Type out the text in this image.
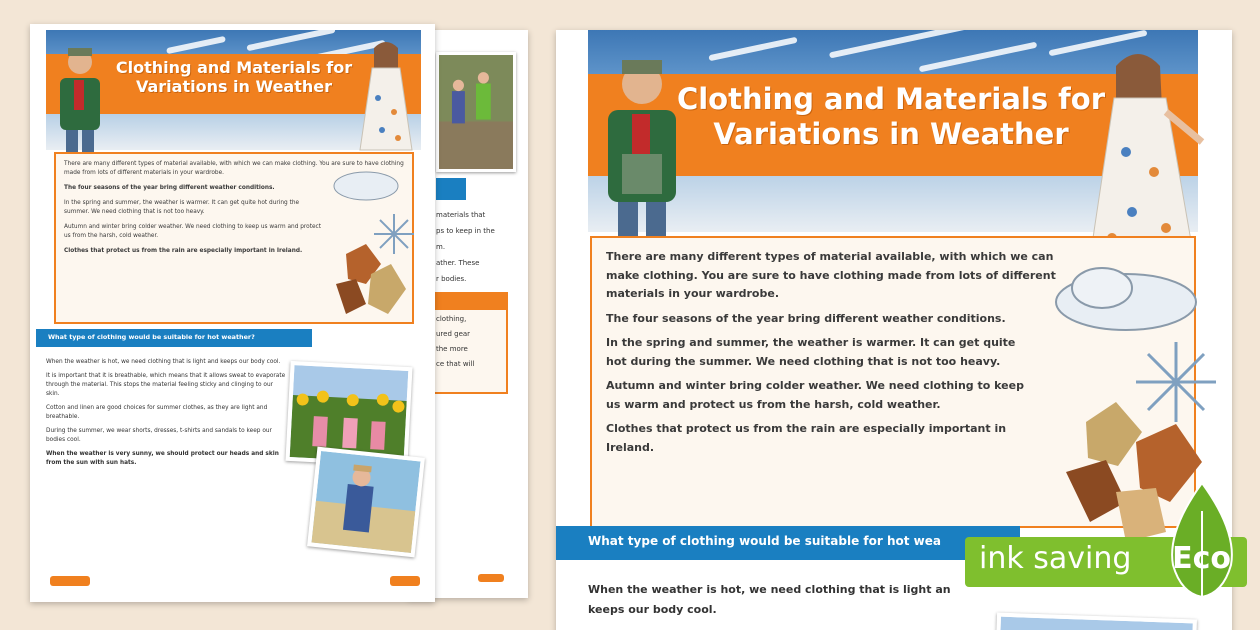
materials that

ps to keep in the

m.

ather. These

r bodies.

clothing,

ured gear

the more

ce that will

Clothing and Materials for
Variations in Weather

There are many different types of material available, with which we can make clothing. You are sure to have clothing made from lots of different materials in your wardrobe.

The four seasons of the year bring different weather conditions.

In the spring and summer, the weather is warmer. It can get quite hot during the summer. We need clothing that is not too heavy.

Autumn and winter bring colder weather. We need clothing to keep us warm and protect us from the harsh, cold weather.

Clothes that protect us from the rain are especially important in Ireland.

What type of clothing would be suitable for hot weather?

When the weather is hot, we need clothing that is light and keeps our body cool.

It is important that it is breathable, which means that it allows sweat to evaporate through the material. This stops the material feeling sticky and clinging to our skin.

Cotton and linen are good choices for summer clothes, as they are light and breathable.

During the summer, we wear shorts, dresses, t-shirts and sandals to keep our bodies cool.

When the weather is very sunny, we should protect our heads and skin from the sun with sun hats.

Clothing and Materials for
Variations in Weather

There are many different types of material available, with which we can make clothing. You are sure to have clothing made from lots of different materials in your wardrobe.

The four seasons of the year bring different weather conditions.

In the spring and summer, the weather is warmer. It can get quite hot during the summer. We need clothing that is not too heavy.

Autumn and winter bring colder weather. We need clothing to keep us warm and protect us from the harsh, cold weather.

Clothes that protect us from the rain are especially important in Ireland.

What type of clothing would be suitable for hot wea
When the weather is hot, we need clothing that is light an
keeps our body cool.
ink saving Eco
